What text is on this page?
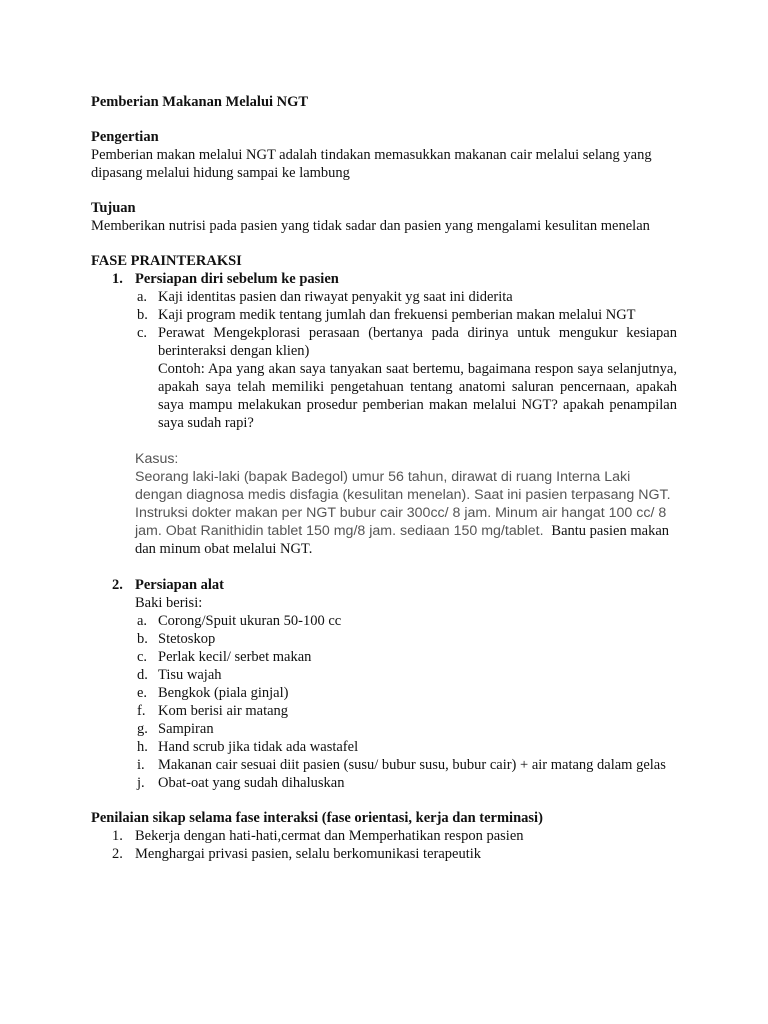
Pemberian Makanan Melalui NGT
Pengertian
Pemberian makan melalui NGT adalah tindakan memasukkan makanan cair melalui selang yang dipasang melalui hidung sampai ke lambung
Tujuan
Memberikan nutrisi pada pasien yang tidak sadar dan pasien yang mengalami kesulitan menelan
FASE PRAINTERAKSI
1. Persiapan diri sebelum ke pasien
a. Kaji identitas pasien dan riwayat penyakit yg saat ini diderita
b. Kaji program medik tentang jumlah dan frekuensi pemberian makan melalui NGT
c. Perawat Mengekplorasi perasaan (bertanya pada dirinya untuk mengukur kesiapan berinteraksi dengan klien)
Contoh: Apa yang akan saya tanyakan saat bertemu, bagaimana respon saya selanjutnya, apakah saya telah memiliki pengetahuan tentang anatomi saluran pencernaan, apakah saya mampu melakukan prosedur pemberian makan melalui NGT? apakah penampilan saya sudah rapi?
Kasus:
Seorang laki-laki (bapak Badegol) umur 56 tahun, dirawat di ruang Interna Laki dengan diagnosa medis disfagia (kesulitan menelan). Saat ini pasien terpasang NGT. Instruksi dokter makan per NGT bubur cair 300cc/ 8 jam. Minum air hangat 100 cc/ 8 jam. Obat Ranithidin tablet 150 mg/8 jam. sediaan 150 mg/tablet. Bantu pasien makan dan minum obat melalui NGT.
2. Persiapan alat
Baki berisi:
a. Corong/Spuit ukuran 50-100 cc
b. Stetoskop
c. Perlak kecil/ serbet makan
d. Tisu wajah
e. Bengkok (piala ginjal)
f. Kom berisi air matang
g. Sampiran
h. Hand scrub jika tidak ada wastafel
i. Makanan cair sesuai diit pasien (susu/ bubur susu, bubur cair) + air matang dalam gelas
j. Obat-oat yang sudah dihaluskan
Penilaian sikap selama fase interaksi (fase orientasi, kerja dan terminasi)
1. Bekerja dengan hati-hati,cermat dan Memperhatikan respon pasien
2. Menghargai privasi pasien, selalu berkomunikasi terapeutik
